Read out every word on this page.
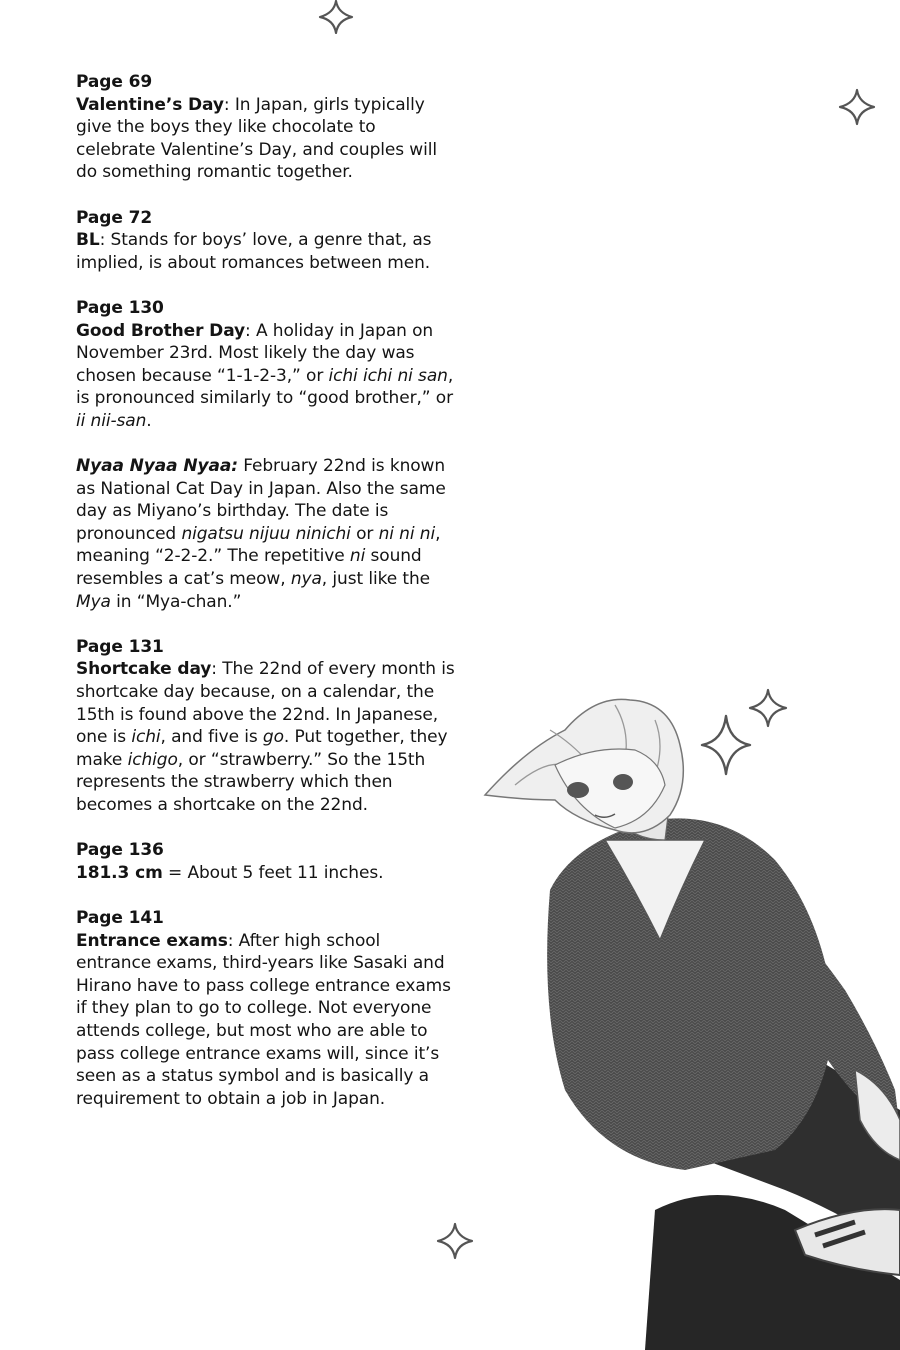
Page 69
Valentine’s Day: In Japan, girls typically give the boys they like chocolate to celebrate Valentine’s Day, and couples will do something romantic together.
Page 72
BL: Stands for boys’ love, a genre that, as implied, is about romances between men.
Page 130
Good Brother Day: A holiday in Japan on November 23rd. Most likely the day was chosen because “1-1-2-3,” or ichi ichi ni san, is pronounced similarly to “good brother,” or ii nii-san.
Nyaa Nyaa Nyaa: February 22nd is known as National Cat Day in Japan. Also the same day as Miyano’s birthday. The date is pronounced nigatsu nijuu ninichi or ni ni ni, meaning “2-2-2.” The repetitive ni sound resembles a cat’s meow, nya, just like the Mya in “Mya-chan.”
Page 131
Shortcake day: The 22nd of every month is shortcake day because, on a calendar, the 15th is found above the 22nd. In Japanese, one is ichi, and five is go. Put together, they make ichigo, or “strawberry.” So the 15th represents the strawberry which then becomes a shortcake on the 22nd.
Page 136
181.3 cm = About 5 feet 11 inches.
Page 141
Entrance exams: After high school entrance exams, third-years like Sasaki and Hirano have to pass college entrance exams if they plan to go to college. Not everyone attends college, but most who are able to pass college entrance exams will, since it’s seen as a status symbol and is basically a requirement to obtain a job in Japan.
